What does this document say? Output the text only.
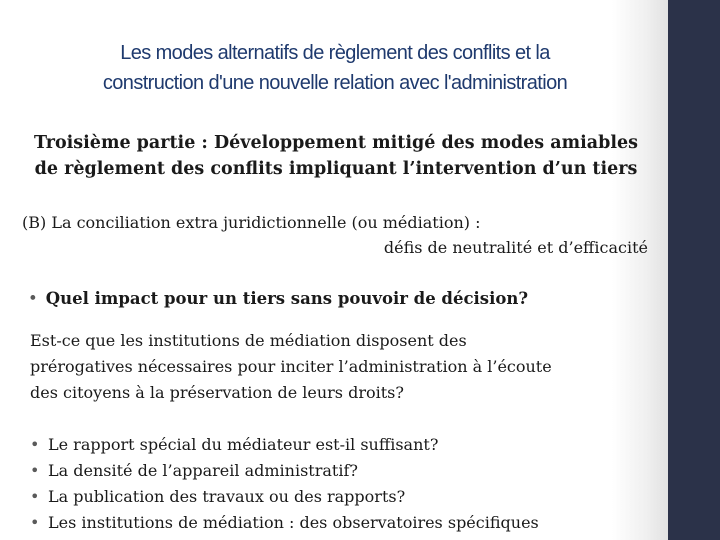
Les modes alternatifs de règlement des conflits et la
construction d'une nouvelle relation avec l'administration
Troisième partie : Développement mitigé des modes amiables
de règlement des conflits impliquant l’intervention d’un tiers
(B) La conciliation extra juridictionnelle (ou médiation) :
défis de neutralité et d’efficacité
• Quel impact pour un tiers sans pouvoir de décision?
Est-ce que les institutions de médiation disposent des
prérogatives nécessaires pour inciter l’administration à l’écoute
des citoyens à la préservation de leurs droits?
• Le rapport spécial du médiateur est-il suffisant?
• La densité de l’appareil administratif?
• La publication des travaux ou des rapports?
• Les institutions de médiation : des observatoires spécifiques
